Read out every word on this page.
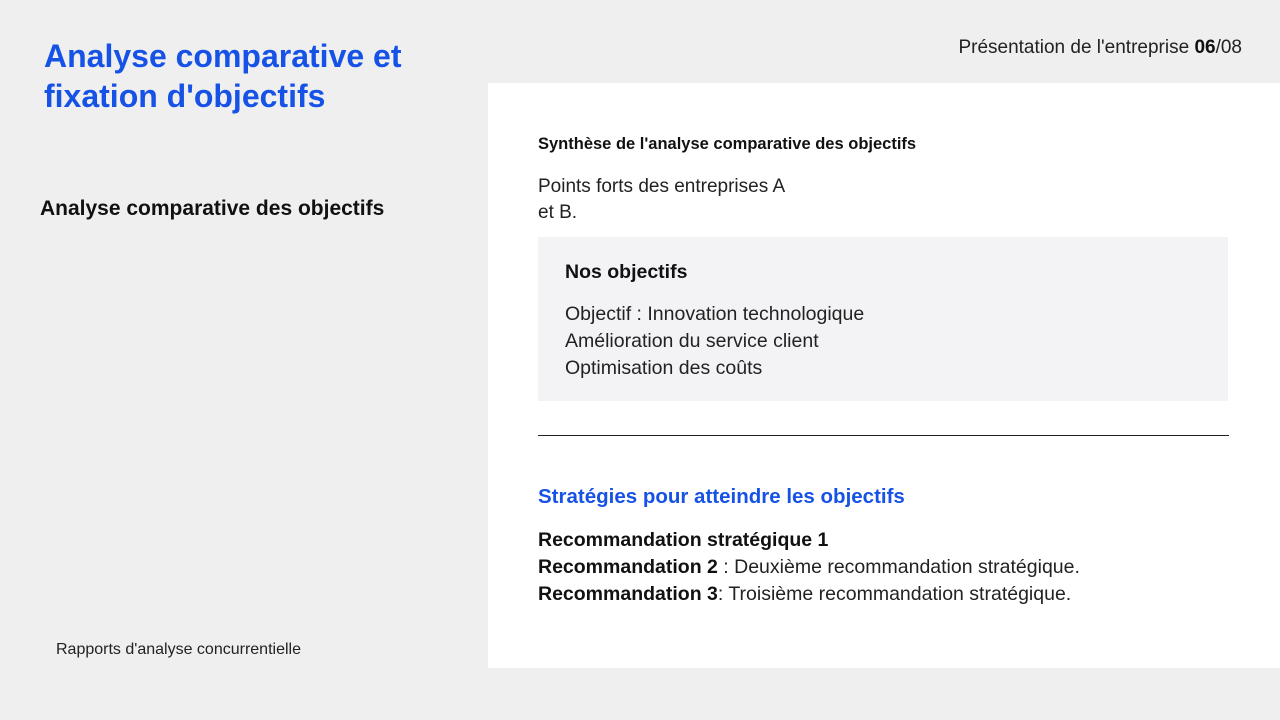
Analyse comparative et fixation d'objectifs
Présentation de l'entreprise 06/08
Analyse comparative des objectifs
Rapports d'analyse concurrentielle
Synthèse de l'analyse comparative des objectifs

Points forts des entreprises A
et B.

Nos objectifs
Objectif : Innovation technologique
Amélioration du service client
Optimisation des coûts
Stratégies pour atteindre les objectifs
Recommandation stratégique 1
Recommandation 2 : Deuxième recommandation stratégique.
Recommandation 3: Troisième recommandation stratégique.
